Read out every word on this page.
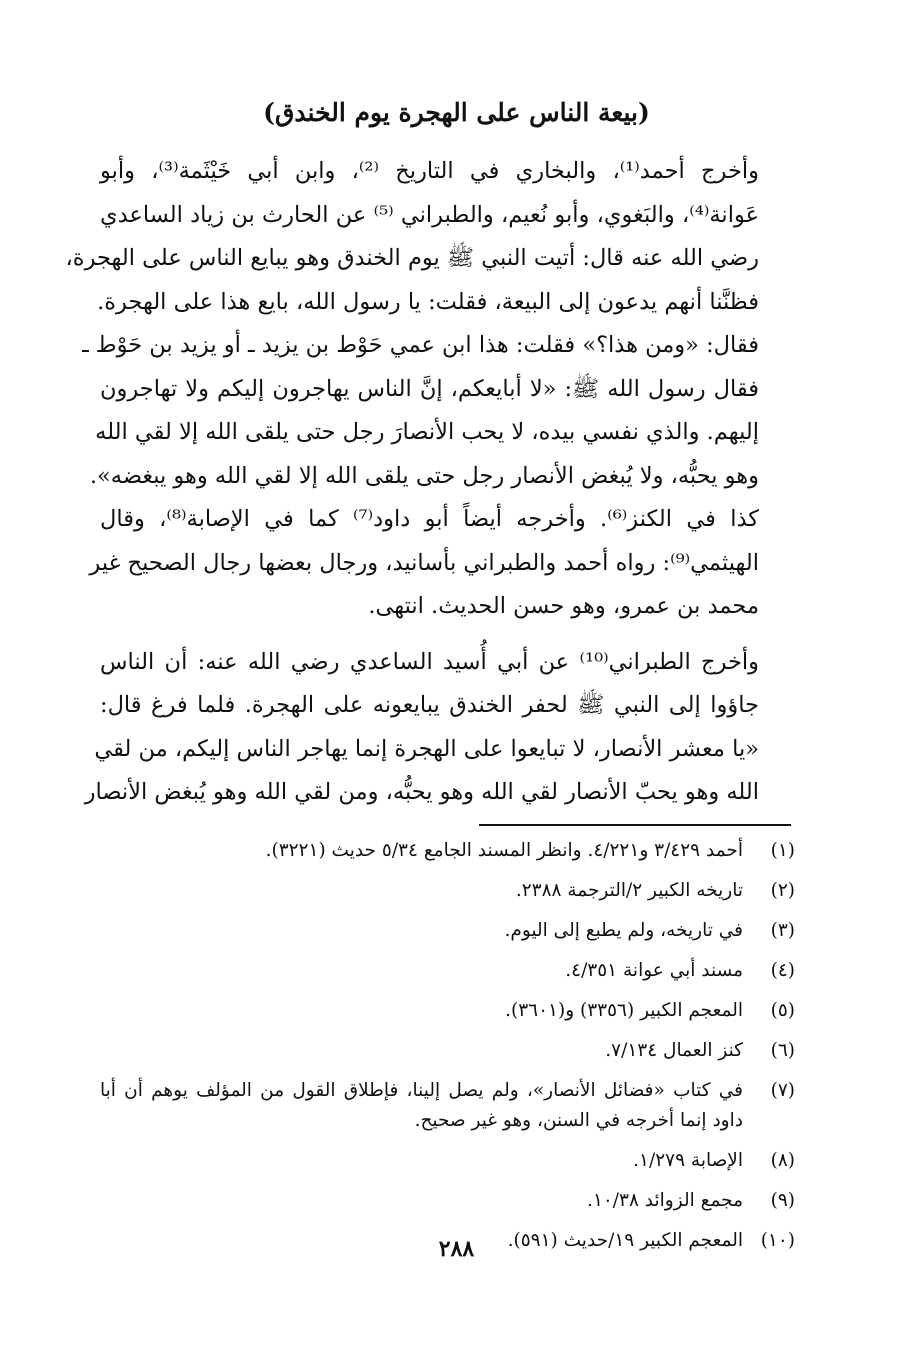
(بيعة الناس على الهجرة يوم الخندق)

وأخرج أحمد⁽¹⁾، والبخاري في التاريخ ⁽²⁾، وابن أبي خَيْثَمة⁽³⁾، وأبو
عَوانة⁽⁴⁾، والبَغوي، وأبو نُعيم، والطبراني ⁽⁵⁾ عن الحارث بن زياد الساعدي
رضي الله عنه قال: أتيت النبي ﷺ يوم الخندق وهو يبايع الناس على الهجرة،
فظنَّنا أنهم يدعون إلى البيعة، فقلت: يا رسول الله، بايع هذا على الهجرة.
فقال: «ومن هذا؟» فقلت: هذا ابن عمي حَوْط بن يزيد ـ أو يزيد بن حَوْط ـ
فقال رسول الله ﷺ: «لا أبايعكم، إنَّ الناس يهاجرون إليكم ولا تهاجرون
إليهم. والذي نفسي بيده، لا يحب الأنصارَ رجل حتى يلقى الله إلا لقي الله
وهو يحبُّه، ولا يُبغض الأنصار رجل حتى يلقى الله إلا لقي الله وهو يبغضه».
كذا في الكنز⁽⁶⁾. وأخرجه أيضاً أبو داود⁽⁷⁾ كما في الإصابة⁽⁸⁾، وقال
الهيثمي⁽⁹⁾: رواه أحمد والطبراني بأسانيد، ورجال بعضها رجال الصحيح غير
محمد بن عمرو، وهو حسن الحديث. انتهى.

وأخرج الطبراني⁽¹⁰⁾ عن أبي أُسيد الساعدي رضي الله عنه: أن الناس
جاؤوا إلى النبي ﷺ لحفر الخندق يبايعونه على الهجرة. فلما فرغ قال:
«يا معشر الأنصار، لا تبايعوا على الهجرة إنما يهاجر الناس إليكم، من لقي
الله وهو يحبّ الأنصار لقي الله وهو يحبُّه، ومن لقي الله وهو يُبغض الأنصار

(١)
أحمد ٣/٤٢٩ و٤/٢٢١. وانظر المسند الجامع ٥/٣٤ حديث (٣٢٢١).
(٢)
تاريخه الكبير ٢/الترجمة ٢٣٨٨.
(٣)
في تاريخه، ولم يطبع إلى اليوم.
(٤)
مسند أبي عوانة ٤/٣٥١.
(٥)
المعجم الكبير (٣٣٥٦) و(٣٦٠١).
(٦)
كنز العمال ٧/١٣٤.
(٧)
في كتاب «فضائل الأنصار»، ولم يصل إلينا، فإطلاق القول من المؤلف يوهم أن أبا داود إنما أخرجه في السنن، وهو غير صحيح.
(٨)
الإصابة ١/٢٧٩.
(٩)
مجمع الزوائد ١٠/٣٨.
(١٠)
المعجم الكبير ١٩/حديث (٥٩١).
٢٨٨
